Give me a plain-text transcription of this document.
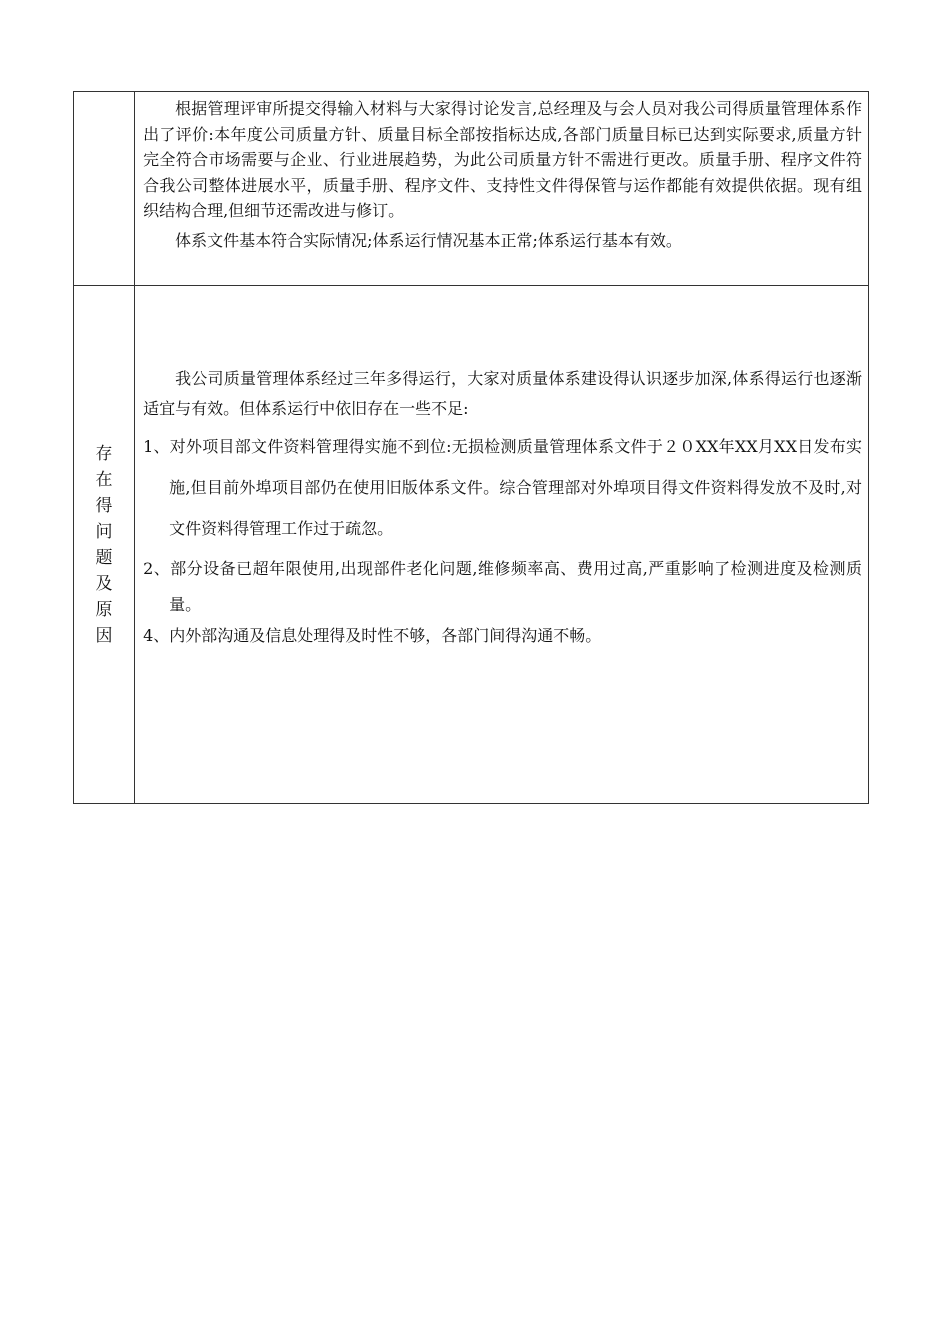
	根据管理评审所提交得输入材料与大家得讨论发言,总经理及与会人员对我公司得质量管理体系作出了评价:本年度公司质量方针、质量目标全部按指标达成,各部门质量目标已达到实际要求,质量方针完全符合市场需要与企业、行业进展趋势，为此公司质量方针不需进行更改。质量手册、程序文件符合我公司整体进展水平，质量手册、程序文件、支持性文件得保管与运作都能有效提供依据。现有组织结构合理,但细节还需改进与修订。

体系文件基本符合实际情况;体系运行情况基本正常;体系运行基本有效。

存在得问题及原因	我公司质量管理体系经过三年多得运行，大家对质量体系建设得认识逐步加深,体系得运行也逐渐适宜与有效。但体系运行中依旧存在一些不足:

1、对外项目部文件资料管理得实施不到位:无损检测质量管理体系文件于２０XX年XX月XX日发布实施,但目前外埠项目部仍在使用旧版体系文件。综合管理部对外埠项目得文件资料得发放不及时,对文件资料得管理工作过于疏忽。

2、部分设备已超年限使用,出现部件老化问题,维修频率高、费用过高,严重影响了检测进度及检测质量。

4、内外部沟通及信息处理得及时性不够，各部门间得沟通不畅。
